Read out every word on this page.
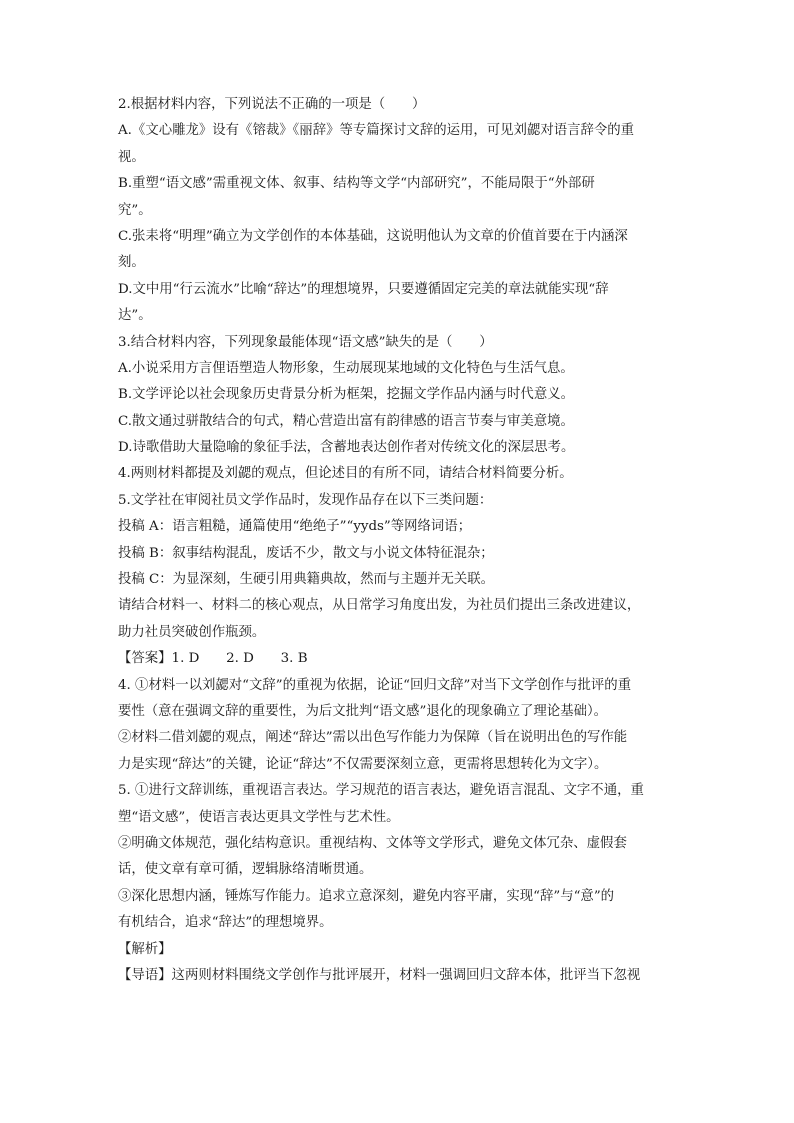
2.根据材料内容，下列说法不正确的一项是（　　）
A.《文心雕龙》设有《镕裁》《丽辞》等专篇探讨文辞的运用，可见刘勰对语言辞令的重
视。
B.重塑“语文感”需重视文体、叙事、结构等文学“内部研究”，不能局限于“外部研
究”。
C.张耒将“明理”确立为文学创作的本体基础，这说明他认为文章的价值首要在于内涵深
刻。
D.文中用“行云流水”比喻“辞达”的理想境界，只要遵循固定完美的章法就能实现“辞
达”。
3.结合材料内容，下列现象最能体现“语文感”缺失的是（　　）
A.小说采用方言俚语塑造人物形象，生动展现某地域的文化特色与生活气息。
B.文学评论以社会现象历史背景分析为框架，挖掘文学作品内涵与时代意义。
C.散文通过骈散结合的句式，精心营造出富有韵律感的语言节奏与审美意境。
D.诗歌借助大量隐喻的象征手法，含蓄地表达创作者对传统文化的深层思考。
4.两则材料都提及刘勰的观点，但论述目的有所不同，请结合材料简要分析。
5.文学社在审阅社员文学作品时，发现作品存在以下三类问题：
投稿 A：语言粗糙，通篇使用“绝绝子”“yyds”等网络词语；
投稿 B：叙事结构混乱，废话不少，散文与小说文体特征混杂；
投稿 C：为显深刻，生硬引用典籍典故，然而与主题并无关联。
请结合材料一、材料二的核心观点，从日常学习角度出发，为社员们提出三条改进建议，
助力社员突破创作瓶颈。
【答案】1. D　　2. D　　3. B
4. ①材料一以刘勰对“文辞”的重视为依据，论证“回归文辞”对当下文学创作与批评的重
要性（意在强调文辞的重要性，为后文批判“语文感”退化的现象确立了理论基础）。
②材料二借刘勰的观点，阐述“辞达”需以出色写作能力为保障（旨在说明出色的写作能
力是实现“辞达”的关键，论证“辞达”不仅需要深刻立意，更需将思想转化为文字）。
5. ①进行文辞训练，重视语言表达。学习规范的语言表达，避免语言混乱、文字不通，重
塑“语文感”，使语言表达更具文学性与艺术性。
②明确文体规范，强化结构意识。重视结构、文体等文学形式，避免文体冗杂、虚假套
话，使文章有章可循，逻辑脉络清晰贯通。
③深化思想内涵，锤炼写作能力。追求立意深刻，避免内容平庸，实现“辞”与“意”的
有机结合，追求“辞达”的理想境界。
【解析】
【导语】这两则材料围绕文学创作与批评展开，材料一强调回归文辞本体，批评当下忽视
